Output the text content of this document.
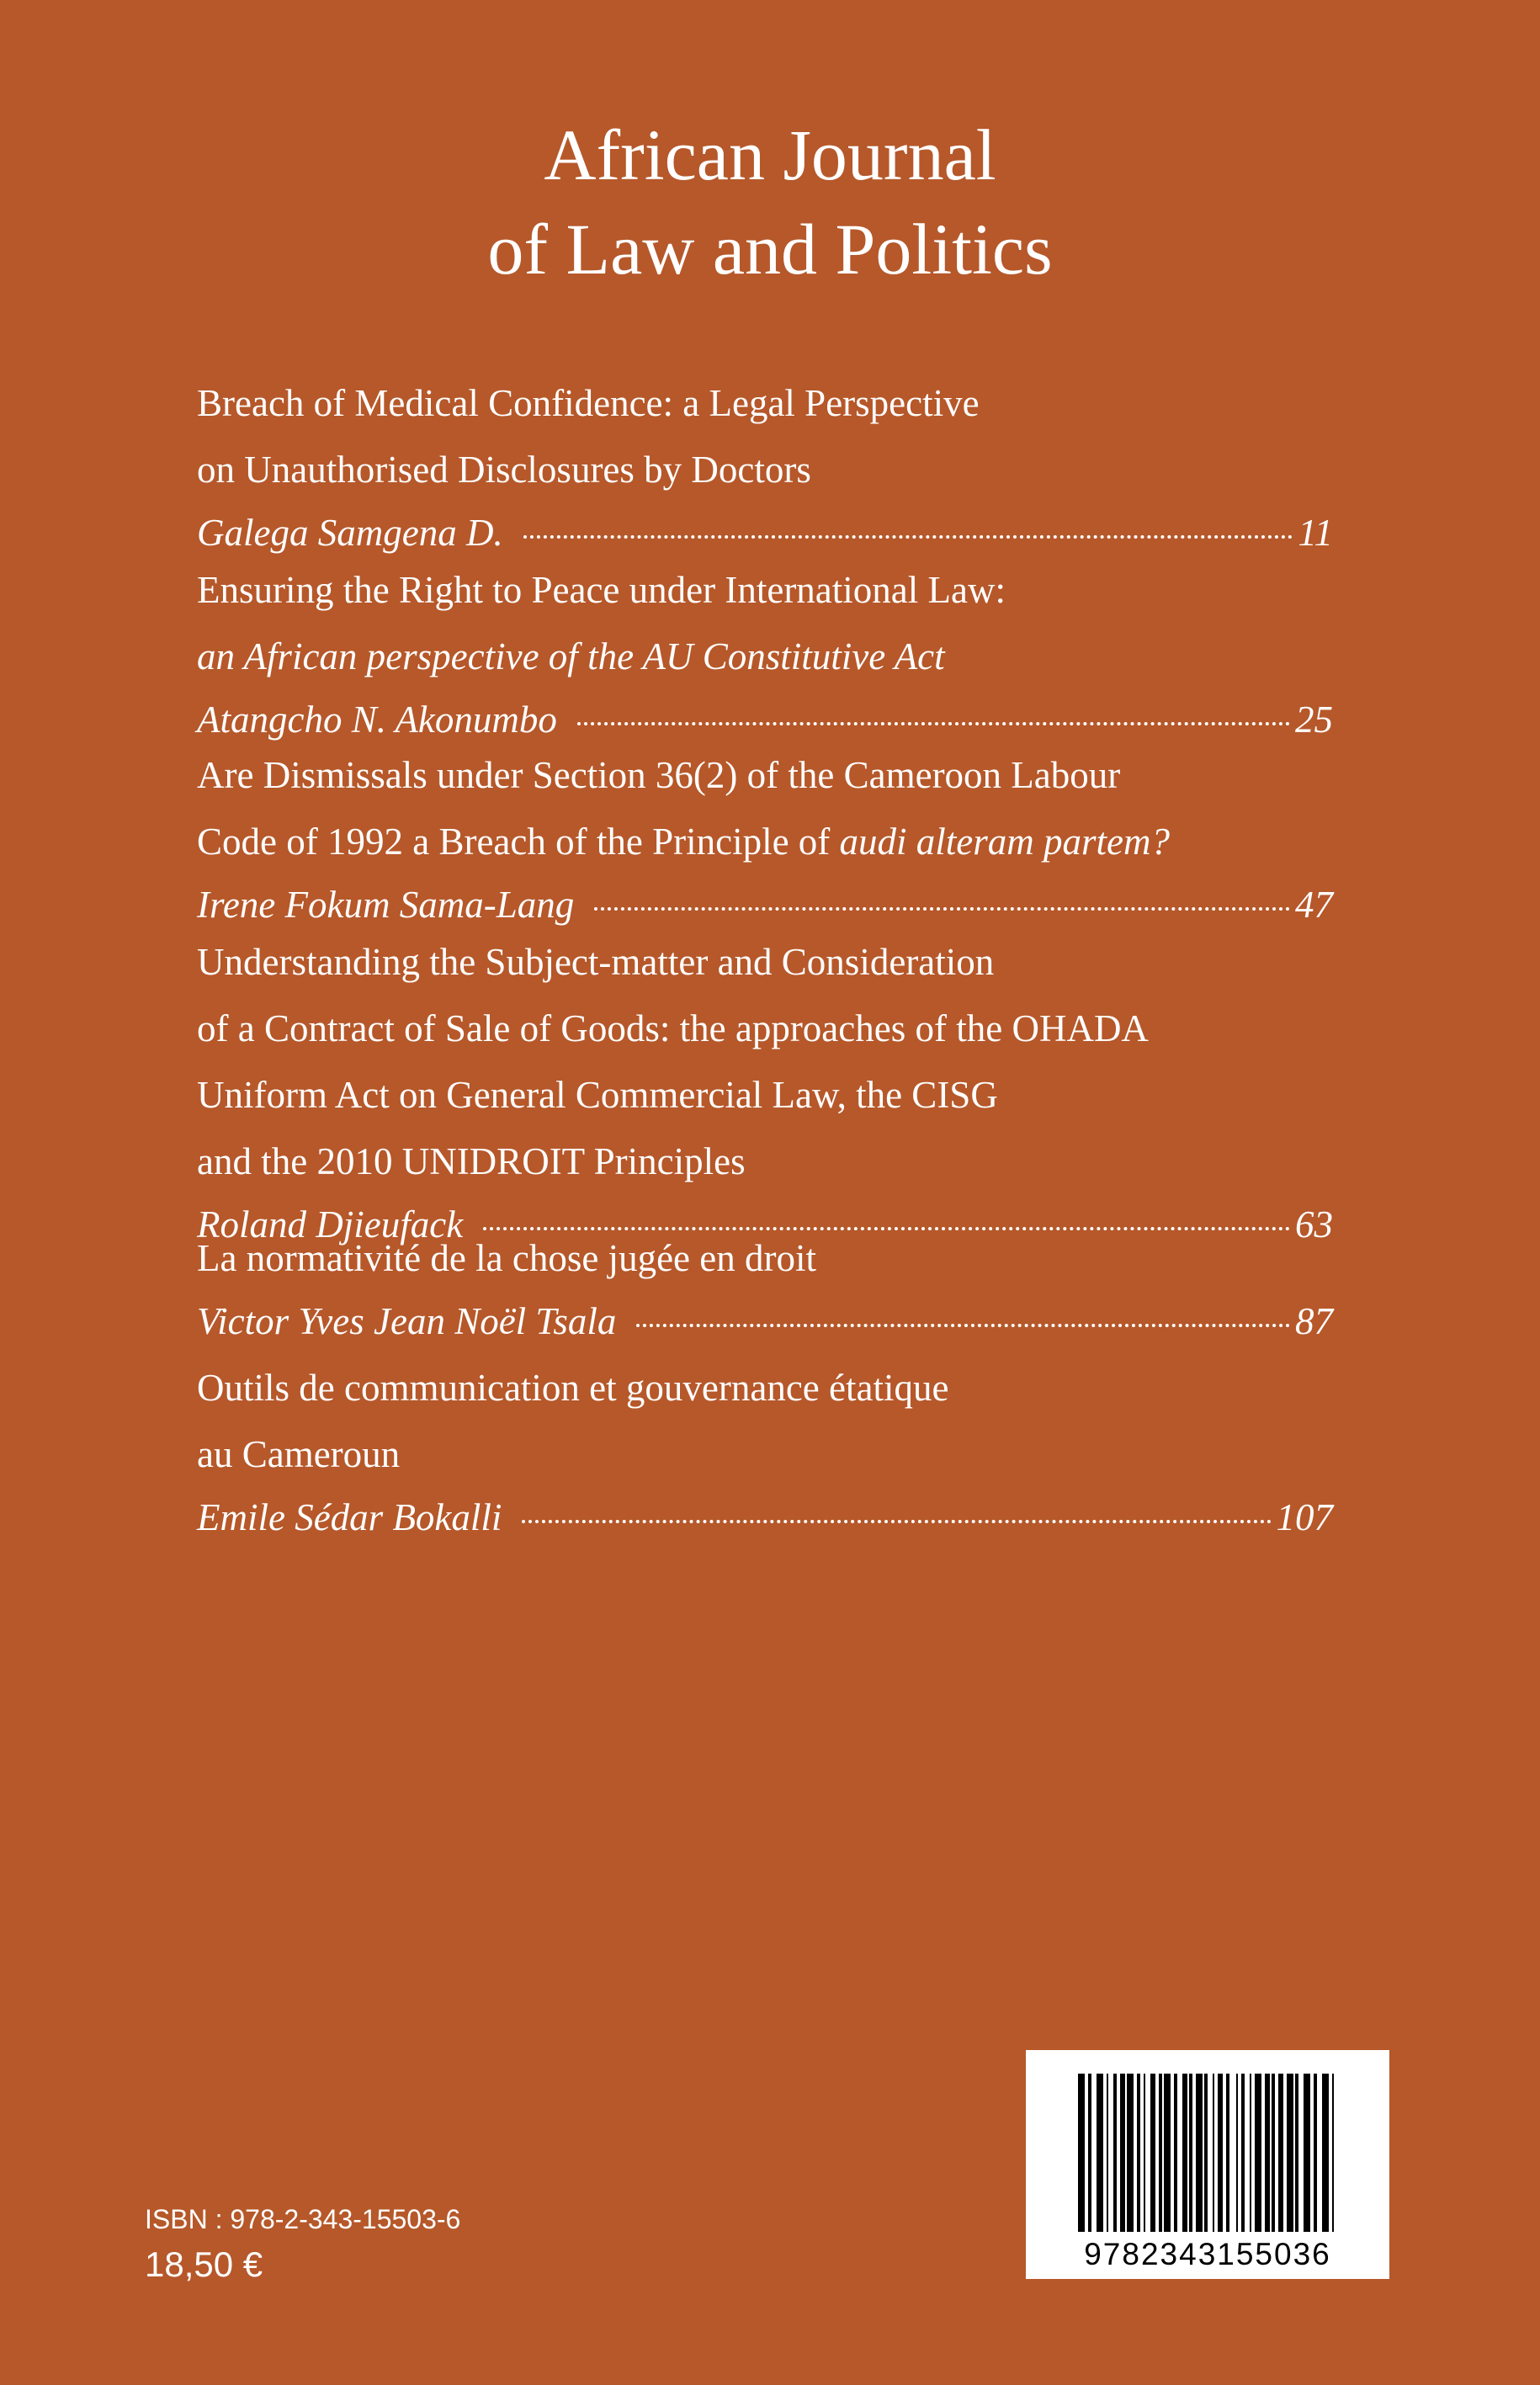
African Journal
of Law and Politics
Breach of Medical Confidence: a Legal Perspective
on Unauthorised Disclosures by Doctors
Galega Samgena D.	11
Ensuring the Right to Peace under International Law:
an African perspective of the AU Constitutive Act
Atangcho N. Akonumbo	25
Are Dismissals under Section 36(2) of the Cameroon Labour
Code of 1992 a Breach of the Principle of audi alteram partem?
Irene Fokum Sama-Lang	47
Understanding the Subject-matter and Consideration
of a Contract of Sale of Goods: the approaches of the OHADA
Uniform Act on General Commercial Law, the CISG
and the 2010 UNIDROIT Principles
Roland Djieufack	63
La normativité de la chose jugée en droit
Victor Yves Jean Noël Tsala	87
Outils de communication et gouvernance étatique
au Cameroun
Emile Sédar Bokalli	107
ISBN : 978-2-343-15503-6
18,50 €	9782343155036
